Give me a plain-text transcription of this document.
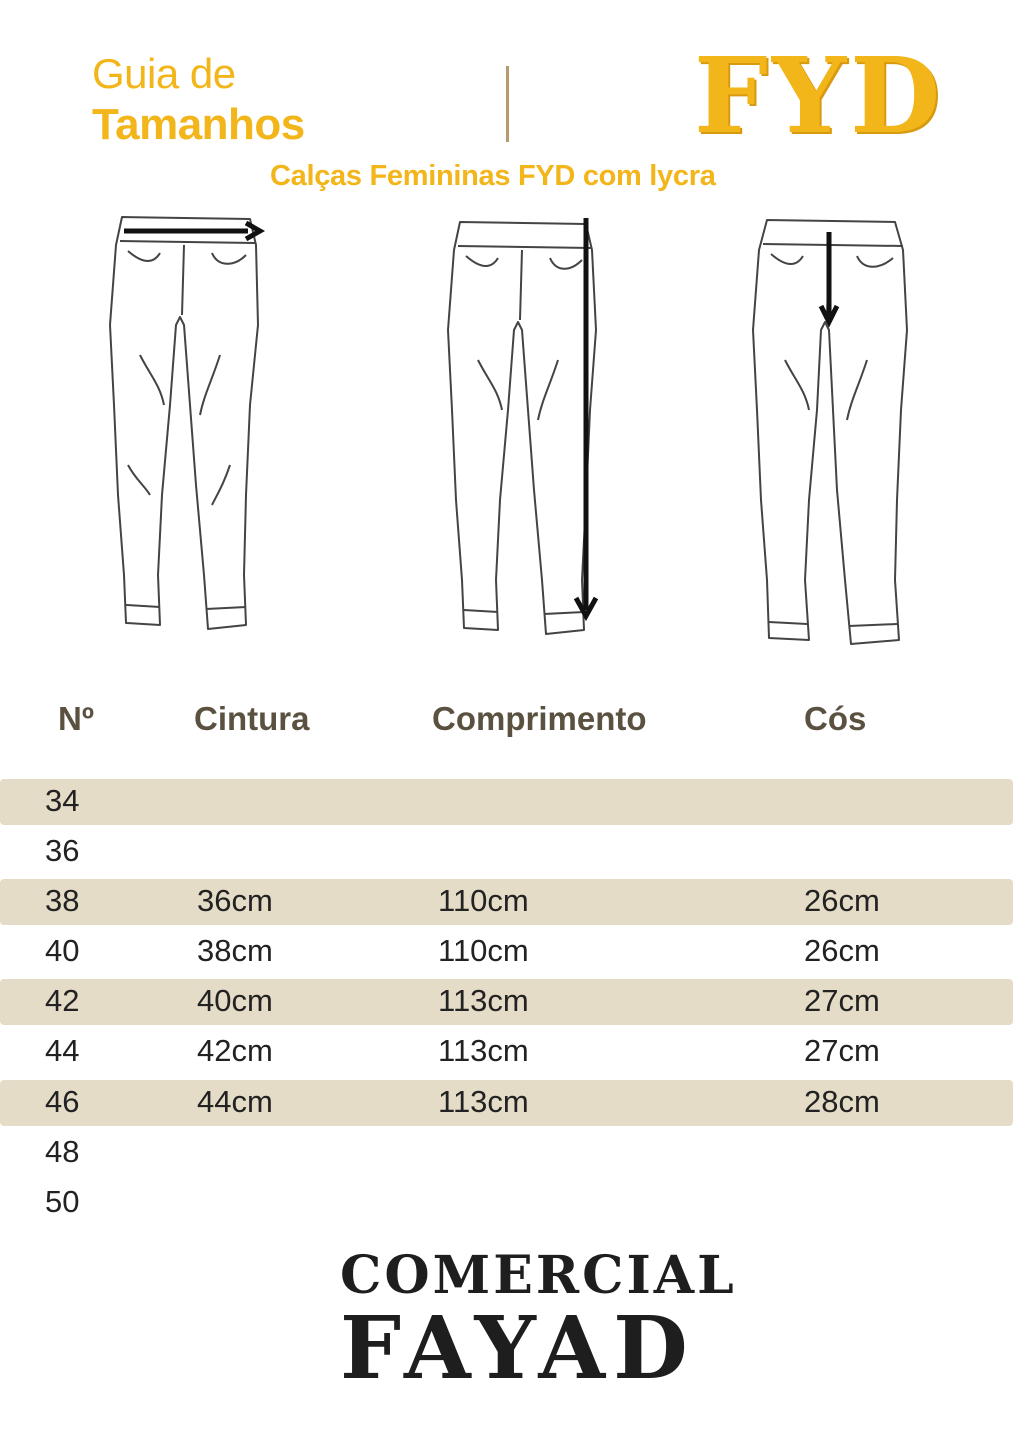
Guia de
Tamanhos	FYD
Calças Femininas FYD com lycra
Nº	Cintura	Comprimento	Cós
34
36
38	36cm	110cm	26cm
40	38cm	110cm	26cm
42	40cm	113cm	27cm
44	42cm	113cm	27cm
46	44cm	113cm	28cm
48
50
COMERCIAL
FAYAD
